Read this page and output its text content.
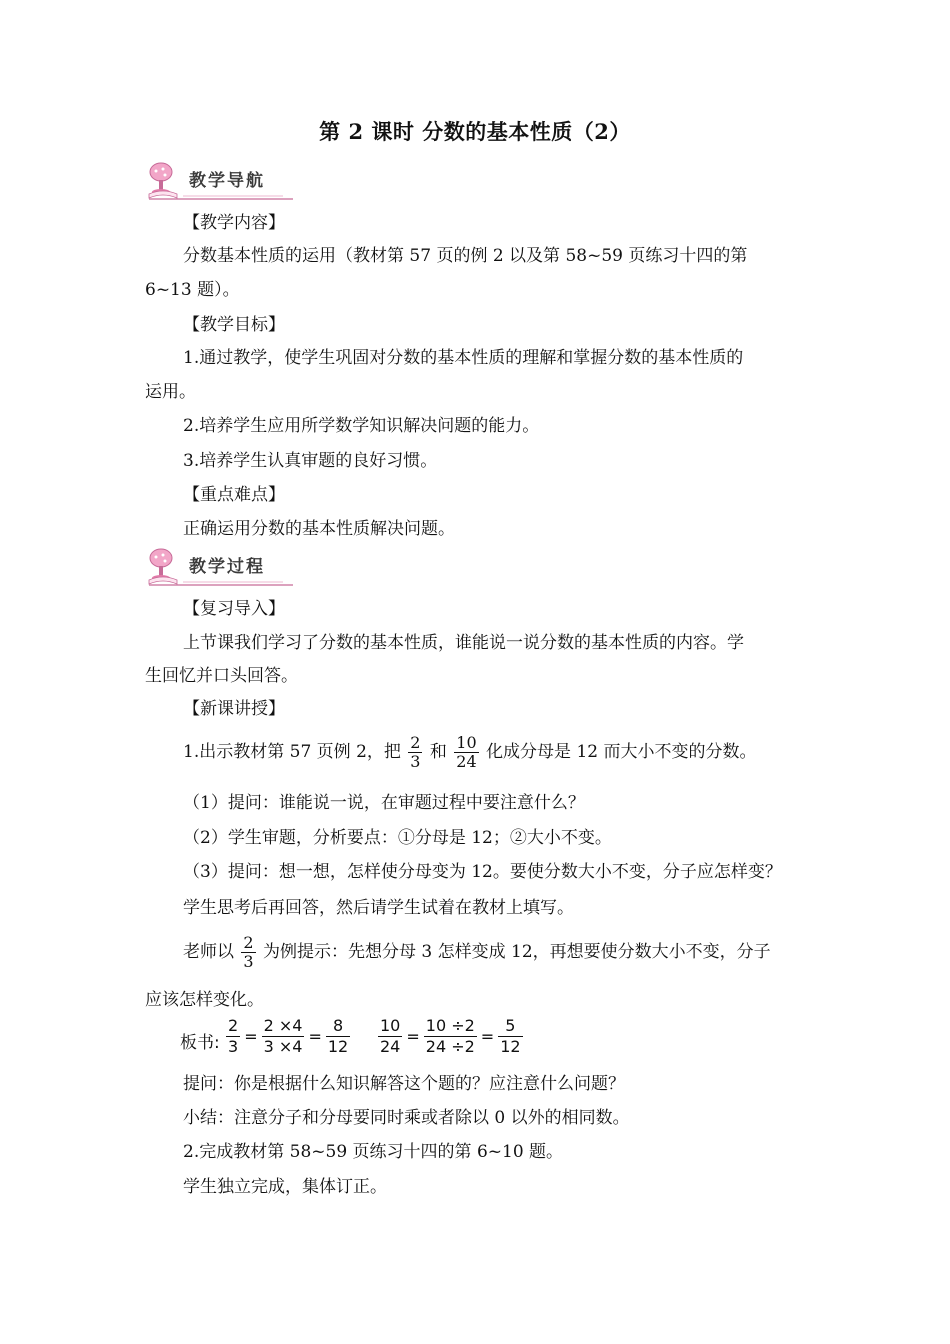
第 2 课时 分数的基本性质（2）
教学导航
【教学内容】
分数基本性质的运用（教材第 57 页的例 2 以及第 58~59 页练习十四的第
6~13 题）。
【教学目标】
1.通过教学，使学生巩固对分数的基本性质的理解和掌握分数的基本性质的
运用。
2.培养学生应用所学数学知识解决问题的能力。
3.培养学生认真审题的良好习惯。
【重点难点】
正确运用分数的基本性质解决问题。
教学过程
【复习导入】
上节课我们学习了分数的基本性质，谁能说一说分数的基本性质的内容。学
生回忆并口头回答。
【新课讲授】
1.出示教材第 57 页例 2，把 $\frac{2}{3}$ 和 $\frac{10}{24}$ 化成分母是 12 而大小不变的分数。
（1）提问：谁能说一说，在审题过程中要注意什么？
（2）学生审题，分析要点：①分母是 12；②大小不变。
（3）提问：想一想，怎样使分母变为 12。要使分数大小不变，分子应怎样变？
学生思考后再回答，然后请学生试着在教材上填写。
老师以 $\frac{2}{3}$ 为例提示：先想分母 3 怎样变成 12，再想要使分数大小不变，分子
应该怎样变化。
板书: $\frac{2}{3} = \frac{2 \times 4}{3 \times 4} = \frac{8}{12} \frac{10}{24} = \frac{10 \div 2}{24 \div 2} = \frac{5}{12}$
提问：你是根据什么知识解答这个题的？应注意什么问题？
小结：注意分子和分母要同时乘或者除以 0 以外的相同数。
2.完成教材第 58~59 页练习十四的第 6~10 题。
学生独立完成，集体订正。
